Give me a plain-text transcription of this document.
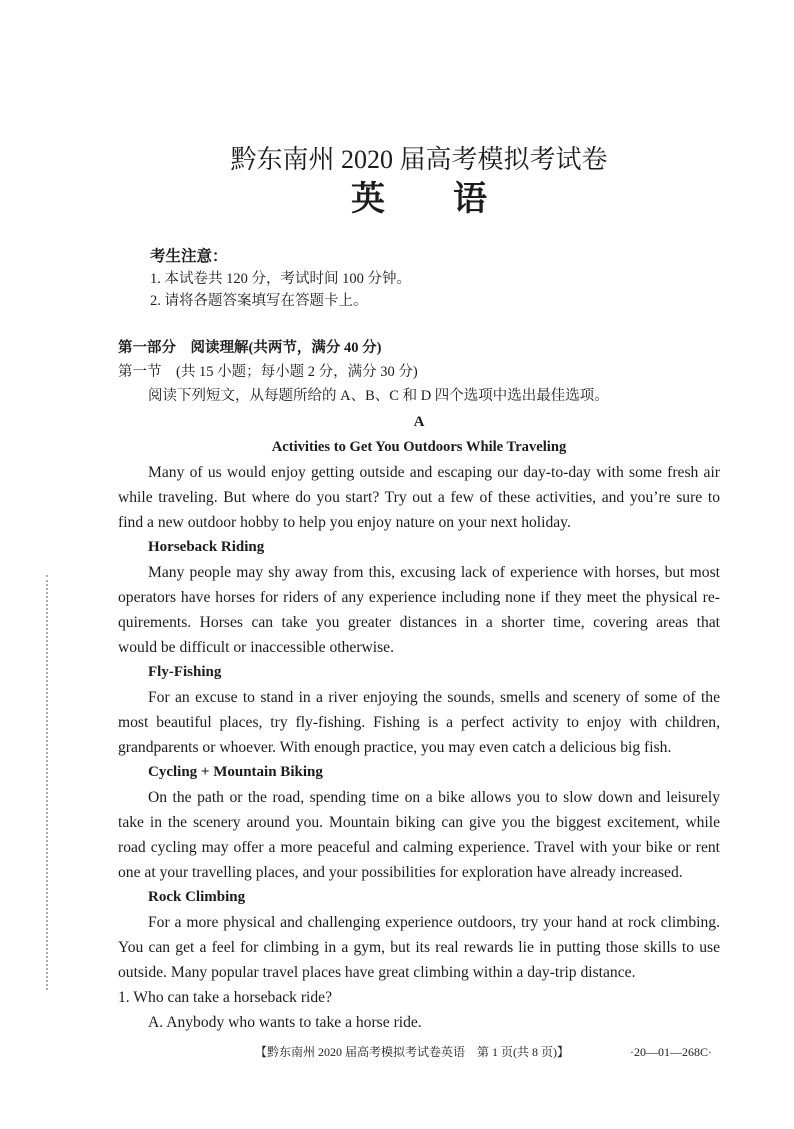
黔东南州 2020 届高考模拟考试卷
英　　语
考生注意：
1. 本试卷共 120 分，考试时间 100 分钟。
2. 请将各题答案填写在答题卡上。
第一部分　阅读理解(共两节，满分 40 分)
第一节　(共 15 小题；每小题 2 分，满分 30 分)
阅读下列短文，从每题所给的 A、B、C 和 D 四个选项中选出最佳选项。
A
Activities to Get You Outdoors While Traveling
Many of us would enjoy getting outside and escaping our day-to-day with some fresh air
while traveling. But where do you start? Try out a few of these activities, and you’re sure to
find a new outdoor hobby to help you enjoy nature on your next holiday.
Horseback Riding
Many people may shy away from this, excusing lack of experience with horses, but most
operators have horses for riders of any experience including none if they meet the physical re-
quirements. Horses can take you greater distances in a shorter time, covering areas that
would be difficult or inaccessible otherwise.
Fly-Fishing
For an excuse to stand in a river enjoying the sounds, smells and scenery of some of the
most beautiful places, try fly-fishing. Fishing is a perfect activity to enjoy with children,
grandparents or whoever. With enough practice, you may even catch a delicious big fish.
Cycling + Mountain Biking
On the path or the road, spending time on a bike allows you to slow down and leisurely
take in the scenery around you. Mountain biking can give you the biggest excitement, while
road cycling may offer a more peaceful and calming experience. Travel with your bike or rent
one at your travelling places, and your possibilities for exploration have already increased.
Rock Climbing
For a more physical and challenging experience outdoors, try your hand at rock climbing.
You can get a feel for climbing in a gym, but its real rewards lie in putting those skills to use
outside. Many popular travel places have great climbing within a day-trip distance.
1. Who can take a horseback ride?
A. Anybody who wants to take a horse ride.
【黔东南州 2020 届高考模拟考试卷英语　第 1 页(共 8 页)】	·20—01—268C·
